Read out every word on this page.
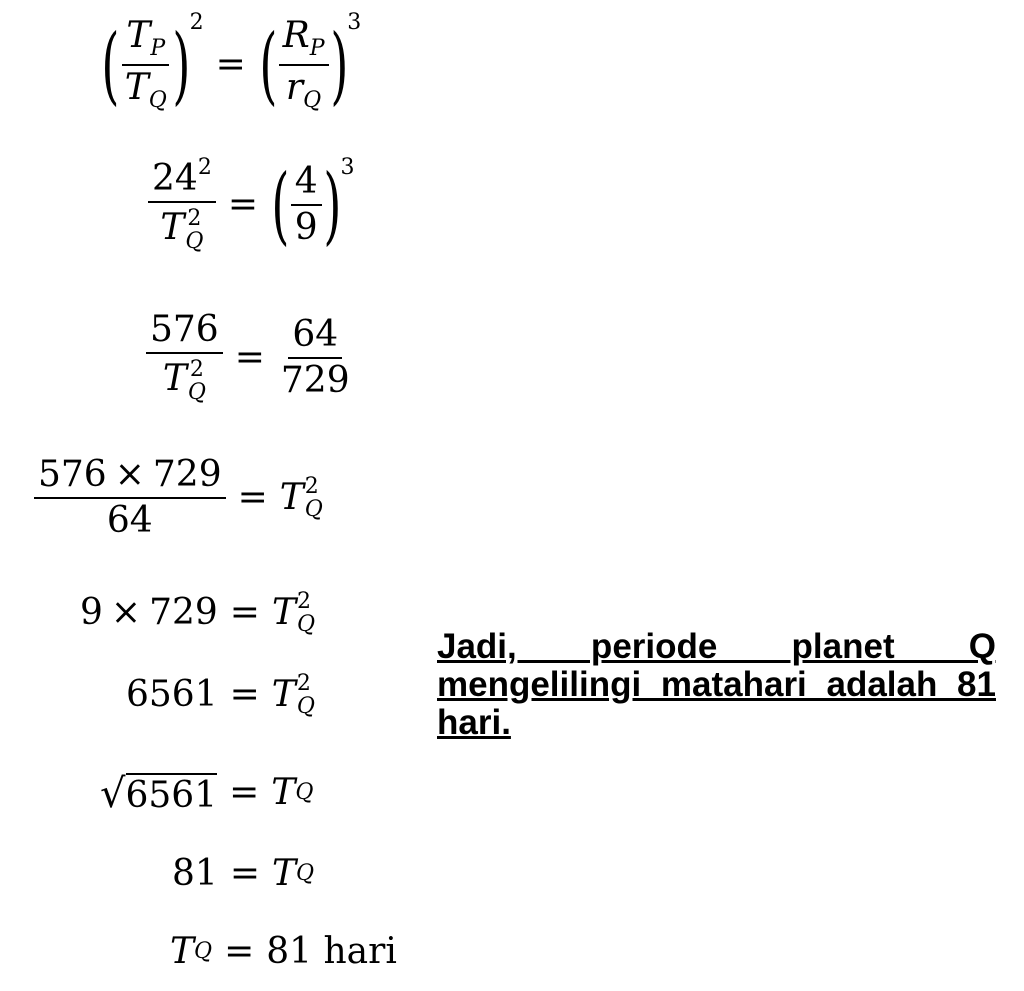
( $\frac{T_P}{T_Q}$ ) 2
= ( $\frac{R_P}{r_Q}$ ) 3
$24^2$
T 2
Q = ( $\frac{4}{9}$ ) 3
576
T 2
$Q = \frac{64}{729}$
$\frac{576 \times 729}{64} = T$ 2
Q
9 × 729 = T 2
Q
6561 = T 2
Q
√ 6561 = T Q
81 = T Q
T Q = 81 hari
Jadi, periode planet Q mengelilingi matahari adalah 81 hari.
